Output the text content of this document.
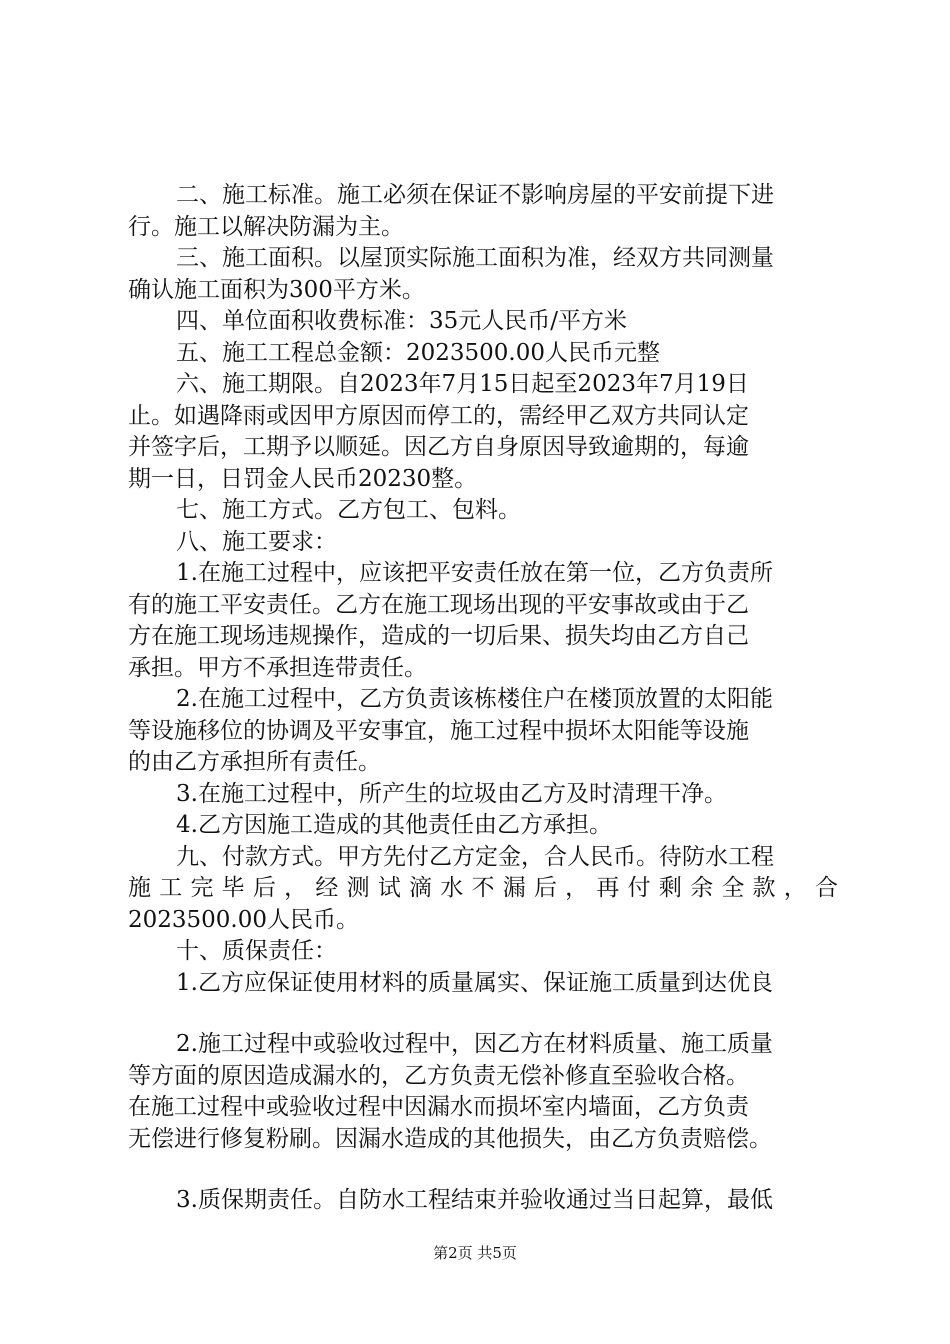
二、施工标准。施工必须在保证不影响房屋的平安前提下进
行。施工以解决防漏为主。
三、施工面积。以屋顶实际施工面积为准，经双方共同测量
确认施工面积为300平方米。
四、单位面积收费标准：35元人民币/平方米
五、施工工程总金额：2023500.00人民币元整
六、施工期限。自2023年7月15日起至2023年7月19日
止。如遇降雨或因甲方原因而停工的，需经甲乙双方共同认定
并签字后，工期予以顺延。因乙方自身原因导致逾期的，每逾
期一日，日罚金人民币20230整。
七、施工方式。乙方包工、包料。
八、施工要求：
1.在施工过程中，应该把平安责任放在第一位，乙方负责所
有的施工平安责任。乙方在施工现场出现的平安事故或由于乙
方在施工现场违规操作，造成的一切后果、损失均由乙方自己
承担。甲方不承担连带责任。
2.在施工过程中，乙方负责该栋楼住户在楼顶放置的太阳能
等设施移位的协调及平安事宜，施工过程中损坏太阳能等设施
的由乙方承担所有责任。
3.在施工过程中，所产生的垃圾由乙方及时清理干净。
4.乙方因施工造成的其他责任由乙方承担。
九、付款方式。甲方先付乙方定金，合人民币。待防水工程
施工完毕后，经测试滴水不漏后，再付剩余全款，合
2023500.00人民币。
十、质保责任：
1.乙方应保证使用材料的质量属实、保证施工质量到达优良
2.施工过程中或验收过程中，因乙方在材料质量、施工质量
等方面的原因造成漏水的，乙方负责无偿补修直至验收合格。
在施工过程中或验收过程中因漏水而损坏室内墙面，乙方负责
无偿进行修复粉刷。因漏水造成的其他损失，由乙方负责赔偿。
3.质保期责任。自防水工程结束并验收通过当日起算，最低
第2页 共5页
